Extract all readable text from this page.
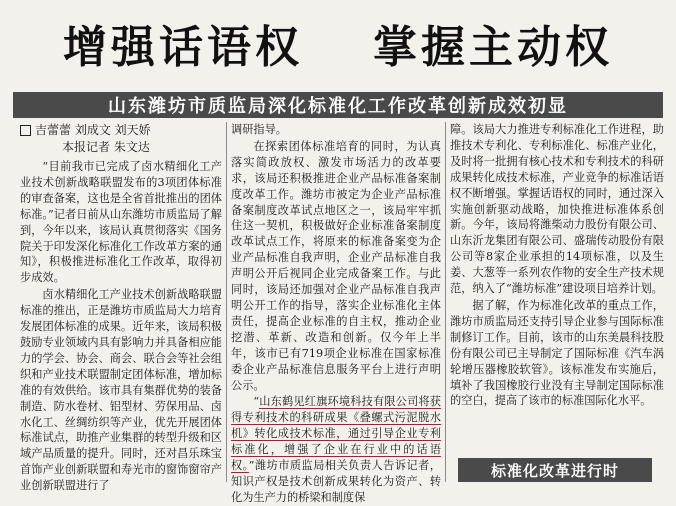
增强话语权 掌握主动权
山东潍坊市质监局深化标准化工作改革创新成效初显
吉蕾蕾 刘成文 刘天娇
本报记者 朱文达

“目前我市已完成了卤水精细化工产业技术创新战略联盟发布的3项团体标准的审查备案，这也是全省首批推出的团体标准。”记者日前从山东潍坊市质监局了解到，今年以来，该局认真贯彻落实《国务院关于印发深化标准化工作改革方案的通知》，积极推进标准化工作改革，取得初步成效。

卤水精细化工产业技术创新战略联盟标准的推出，正是潍坊市质监局大力培育发展团体标准的成果。近年来，该局积极鼓励专业领域内具有影响力并具备相应能力的学会、协会、商会、联合会等社会组织和产业技术联盟制定团体标准，增加标准的有效供给。该市具有集群优势的装备制造、防水卷材、铝型材、劳保用品、卤水化工、丝绸纺织等产业，优先开展团体标准试点，助推产业集群的转型升级和区域产品质量的提升。同时，还对昌乐珠宝首饰产业创新联盟和寿光市的窗饰窗帘产业创新联盟进行了

调研指导。

在探索团体标准培育的同时，为认真落实简政放权、激发市场活力的改革要求，该局还积极推进企业产品标准备案制度改革工作。潍坊市被定为企业产品标准备案制度改革试点地区之一，该局牢牢抓住这一契机，积极做好企业标准备案制度改革试点工作，将原来的标准备案变为企业产品标准自我声明，企业产品标准自我声明公开后视同企业完成备案工作。与此同时，该局还加强对企业产品标准自我声明公开工作的指导，落实企业标准化主体责任，提高企业标准的自主权，推动企业挖潜、革新、改造和创新。仅今年上半年，该市已有719项企业标准在国家标准委企业产品标准信息服务平台上进行声明公示。

“山东鹤见红旗环境科技有限公司将获得专利技术的科研成果《叠螺式污泥脱水机》转化成技术标准，通过引导企业专利标准化，增强了企业在行业中的话语权。”潍坊市质监局相关负责人告诉记者，知识产权是技术创新成果转化为资产、转化为生产力的桥梁和制度保

障。该局大力推进专利标准化工作进程，助推技术专利化、专利标准化、标准产业化，及时将一批拥有核心技术和专利技术的科研成果转化成技术标准，产业竞争的标准话语权不断增强。掌握话语权的同时，通过深入实施创新驱动战略，加快推进标准体系创新。今年，该局将潍柴动力股份有限公司、山东沂龙集团有限公司、盛瑞传动股份有限公司等8家企业承担的14项标准，以及生姜、大葱等一系列农作物的安全生产技术规范，纳入了“潍坊标准”建设项目培养计划。

据了解，作为标准化改革的重点工作，潍坊市质监局还支持引导企业参与国际标准制修订工作。目前，该市的山东美晨科技股份有限公司已主导制定了国际标准《汽车涡轮增压器橡胶软管》。该标准发布实施后，填补了我国橡胶行业没有主导制定国际标准的空白，提高了该市的标准国际化水平。

标准化改革进行时
